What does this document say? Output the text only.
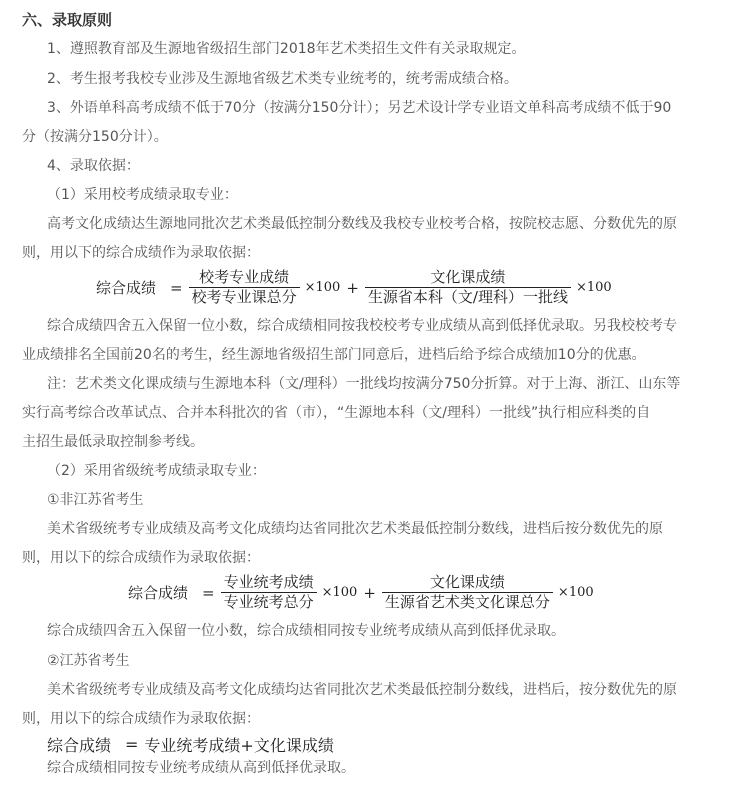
六、录取原则
1、遵照教育部及生源地省级招生部门2018年艺术类招生文件有关录取规定。
2、考生报考我校专业涉及生源地省级艺术类专业统考的，统考需成绩合格。
3、外语单科高考成绩不低于70分（按满分150分计）；另艺术设计学专业语文单科高考成绩不低于90
分（按满分150分计）。
4、录取依据：
（1）采用校考成绩录取专业：
高考文化成绩达生源地同批次艺术类最低控制分数线及我校专业校考合格，按院校志愿、分数优先的原
则，用以下的综合成绩作为录取依据：
综合成绩 = $\frac{\text{校考专业成绩}}{\text{校考专业课总分}} \times 100 + \frac{\text{文化课成绩}}{\text{生源省本科（文/理科）一批线}} \times 100$
综合成绩四舍五入保留一位小数，综合成绩相同按我校校考专业成绩从高到低择优录取。另我校校考专
业成绩排名全国前20名的考生，经生源地省级招生部门同意后，进档后给予综合成绩加10分的优惠。
注：艺术类文化课成绩与生源地本科（文/理科）一批线均按满分750分折算。对于上海、浙江、山东等
实行高考综合改革试点、合并本科批次的省（市），“生源地本科（文/理科）一批线”执行相应科类的自
主招生最低录取控制参考线。
（2）采用省级统考成绩录取专业：
①非江苏省考生
美术省级统考专业成绩及高考文化成绩均达省同批次艺术类最低控制分数线，进档后按分数优先的原
则，用以下的综合成绩作为录取依据：
综合成绩 = $\frac{\text{专业统考成绩}}{\text{专业统考总分}} \times 100 + \frac{\text{文化课成绩}}{\text{生源省艺术类文化课总分}} \times 100$
综合成绩四舍五入保留一位小数，综合成绩相同按专业统考成绩从高到低择优录取。
②江苏省考生
美术省级统考专业成绩及高考文化成绩均达省同批次艺术类最低控制分数线，进档后，按分数优先的原
则，用以下的综合成绩作为录取依据：
综合成绩 = 专业统考成绩+文化课成绩
综合成绩相同按专业统考成绩从高到低择优录取。
